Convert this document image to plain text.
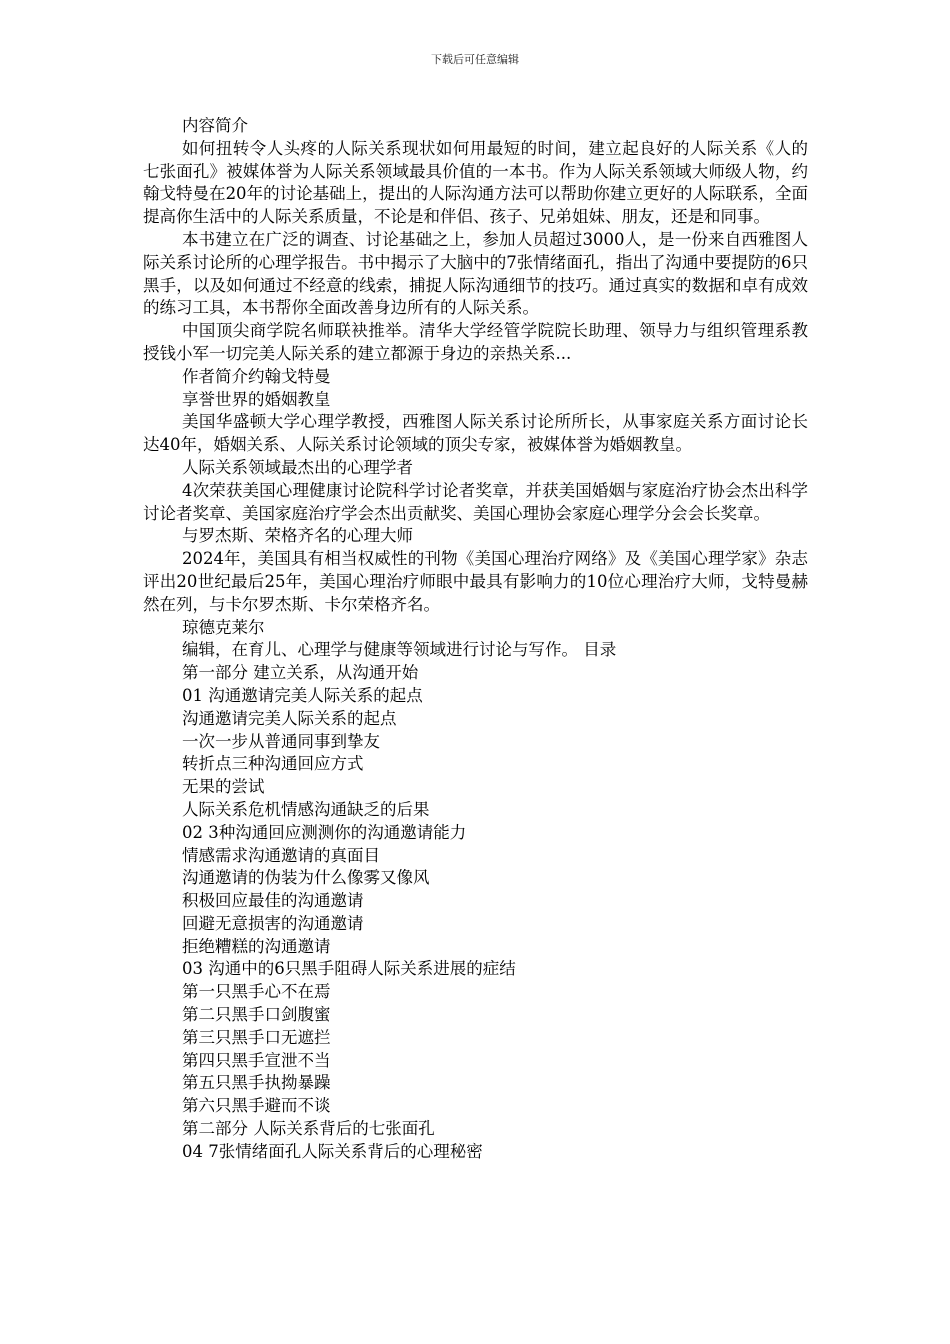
下载后可任意编辑

内容简介

如何扭转令人头疼的人际关系现状如何用最短的时间，建立起良好的人际关系《人的七张面孔》被媒体誉为人际关系领域最具价值的一本书。作为人际关系领域大师级人物，约翰戈特曼在20年的讨论基础上，提出的人际沟通方法可以帮助你建立更好的人际联系，全面提高你生活中的人际关系质量，不论是和伴侣、孩子、兄弟姐妹、朋友，还是和同事。

本书建立在广泛的调查、讨论基础之上，参加人员超过3000人，是一份来自西雅图人际关系讨论所的心理学报告。书中揭示了大脑中的7张情绪面孔，指出了沟通中要提防的6只黑手，以及如何通过不经意的线索，捕捉人际沟通细节的技巧。通过真实的数据和卓有成效的练习工具，本书帮你全面改善身边所有的人际关系。

中国顶尖商学院名师联袂推举。清华大学经管学院院长助理、领导力与组织管理系教授钱小军一切完美人际关系的建立都源于身边的亲热关系...

作者简介约翰戈特曼

享誉世界的婚姻教皇

美国华盛顿大学心理学教授，西雅图人际关系讨论所所长，从事家庭关系方面讨论长达40年，婚姻关系、人际关系讨论领域的顶尖专家，被媒体誉为婚姻教皇。

人际关系领域最杰出的心理学者

4次荣获美国心理健康讨论院科学讨论者奖章，并获美国婚姻与家庭治疗协会杰出科学讨论者奖章、美国家庭治疗学会杰出贡献奖、美国心理协会家庭心理学分会会长奖章。

与罗杰斯、荣格齐名的心理大师

2024年，美国具有相当权威性的刊物《美国心理治疗网络》及《美国心理学家》杂志评出20世纪最后25年，美国心理治疗师眼中最具有影响力的10位心理治疗大师，戈特曼赫然在列，与卡尔罗杰斯、卡尔荣格齐名。

琼德克莱尔

编辑，在育儿、心理学与健康等领域进行讨论与写作。 目录

第一部分 建立关系，从沟通开始

01 沟通邀请完美人际关系的起点

沟通邀请完美人际关系的起点

一次一步从普通同事到挚友

转折点三种沟通回应方式

无果的尝试

人际关系危机情感沟通缺乏的后果

02 3种沟通回应测测你的沟通邀请能力

情感需求沟通邀请的真面目

沟通邀请的伪装为什么像雾又像风

积极回应最佳的沟通邀请

回避无意损害的沟通邀请

拒绝糟糕的沟通邀请

03 沟通中的6只黑手阻碍人际关系进展的症结

第一只黑手心不在焉

第二只黑手口剑腹蜜

第三只黑手口无遮拦

第四只黑手宣泄不当

第五只黑手执拗暴躁

第六只黑手避而不谈

第二部分 人际关系背后的七张面孔

04 7张情绪面孔人际关系背后的心理秘密
